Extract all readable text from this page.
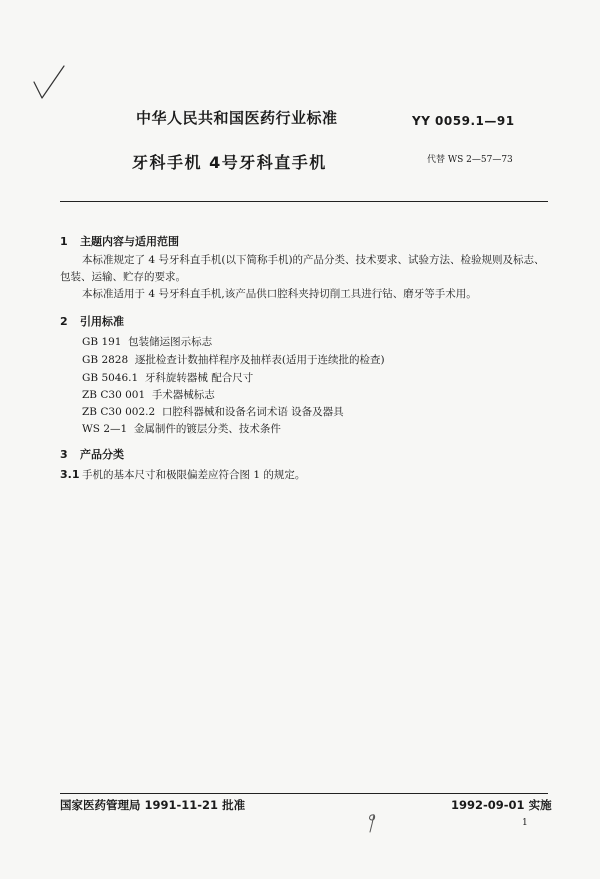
中华人民共和国医药行业标准	YY 0059.1—91
牙科手机 4号牙科直手机	代替 WS 2—57—73
1 主题内容与适用范围
本标准规定了 4 号牙科直手机(以下简称手机)的产品分类、技术要求、试验方法、检验规则及标志、
包装、运输、贮存的要求。
本标准适用于 4 号牙科直手机,该产品供口腔科夹持切削工具进行钻、磨牙等手术用。
2 引用标准
GB 191 包装储运图示标志
GB 2828 逐批检查计数抽样程序及抽样表(适用于连续批的检查)
GB 5046.1 牙科旋转器械 配合尺寸
ZB C30 001 手术器械标志
ZB C30 002.2 口腔科器械和设备名词术语 设备及器具
WS 2—1 金属制件的镀层分类、技术条件
3 产品分类
3.1 手机的基本尺寸和极限偏差应符合图 1 的规定。
国家医药管理局 1991-11-21 批准	1992-09-01 实施
1
